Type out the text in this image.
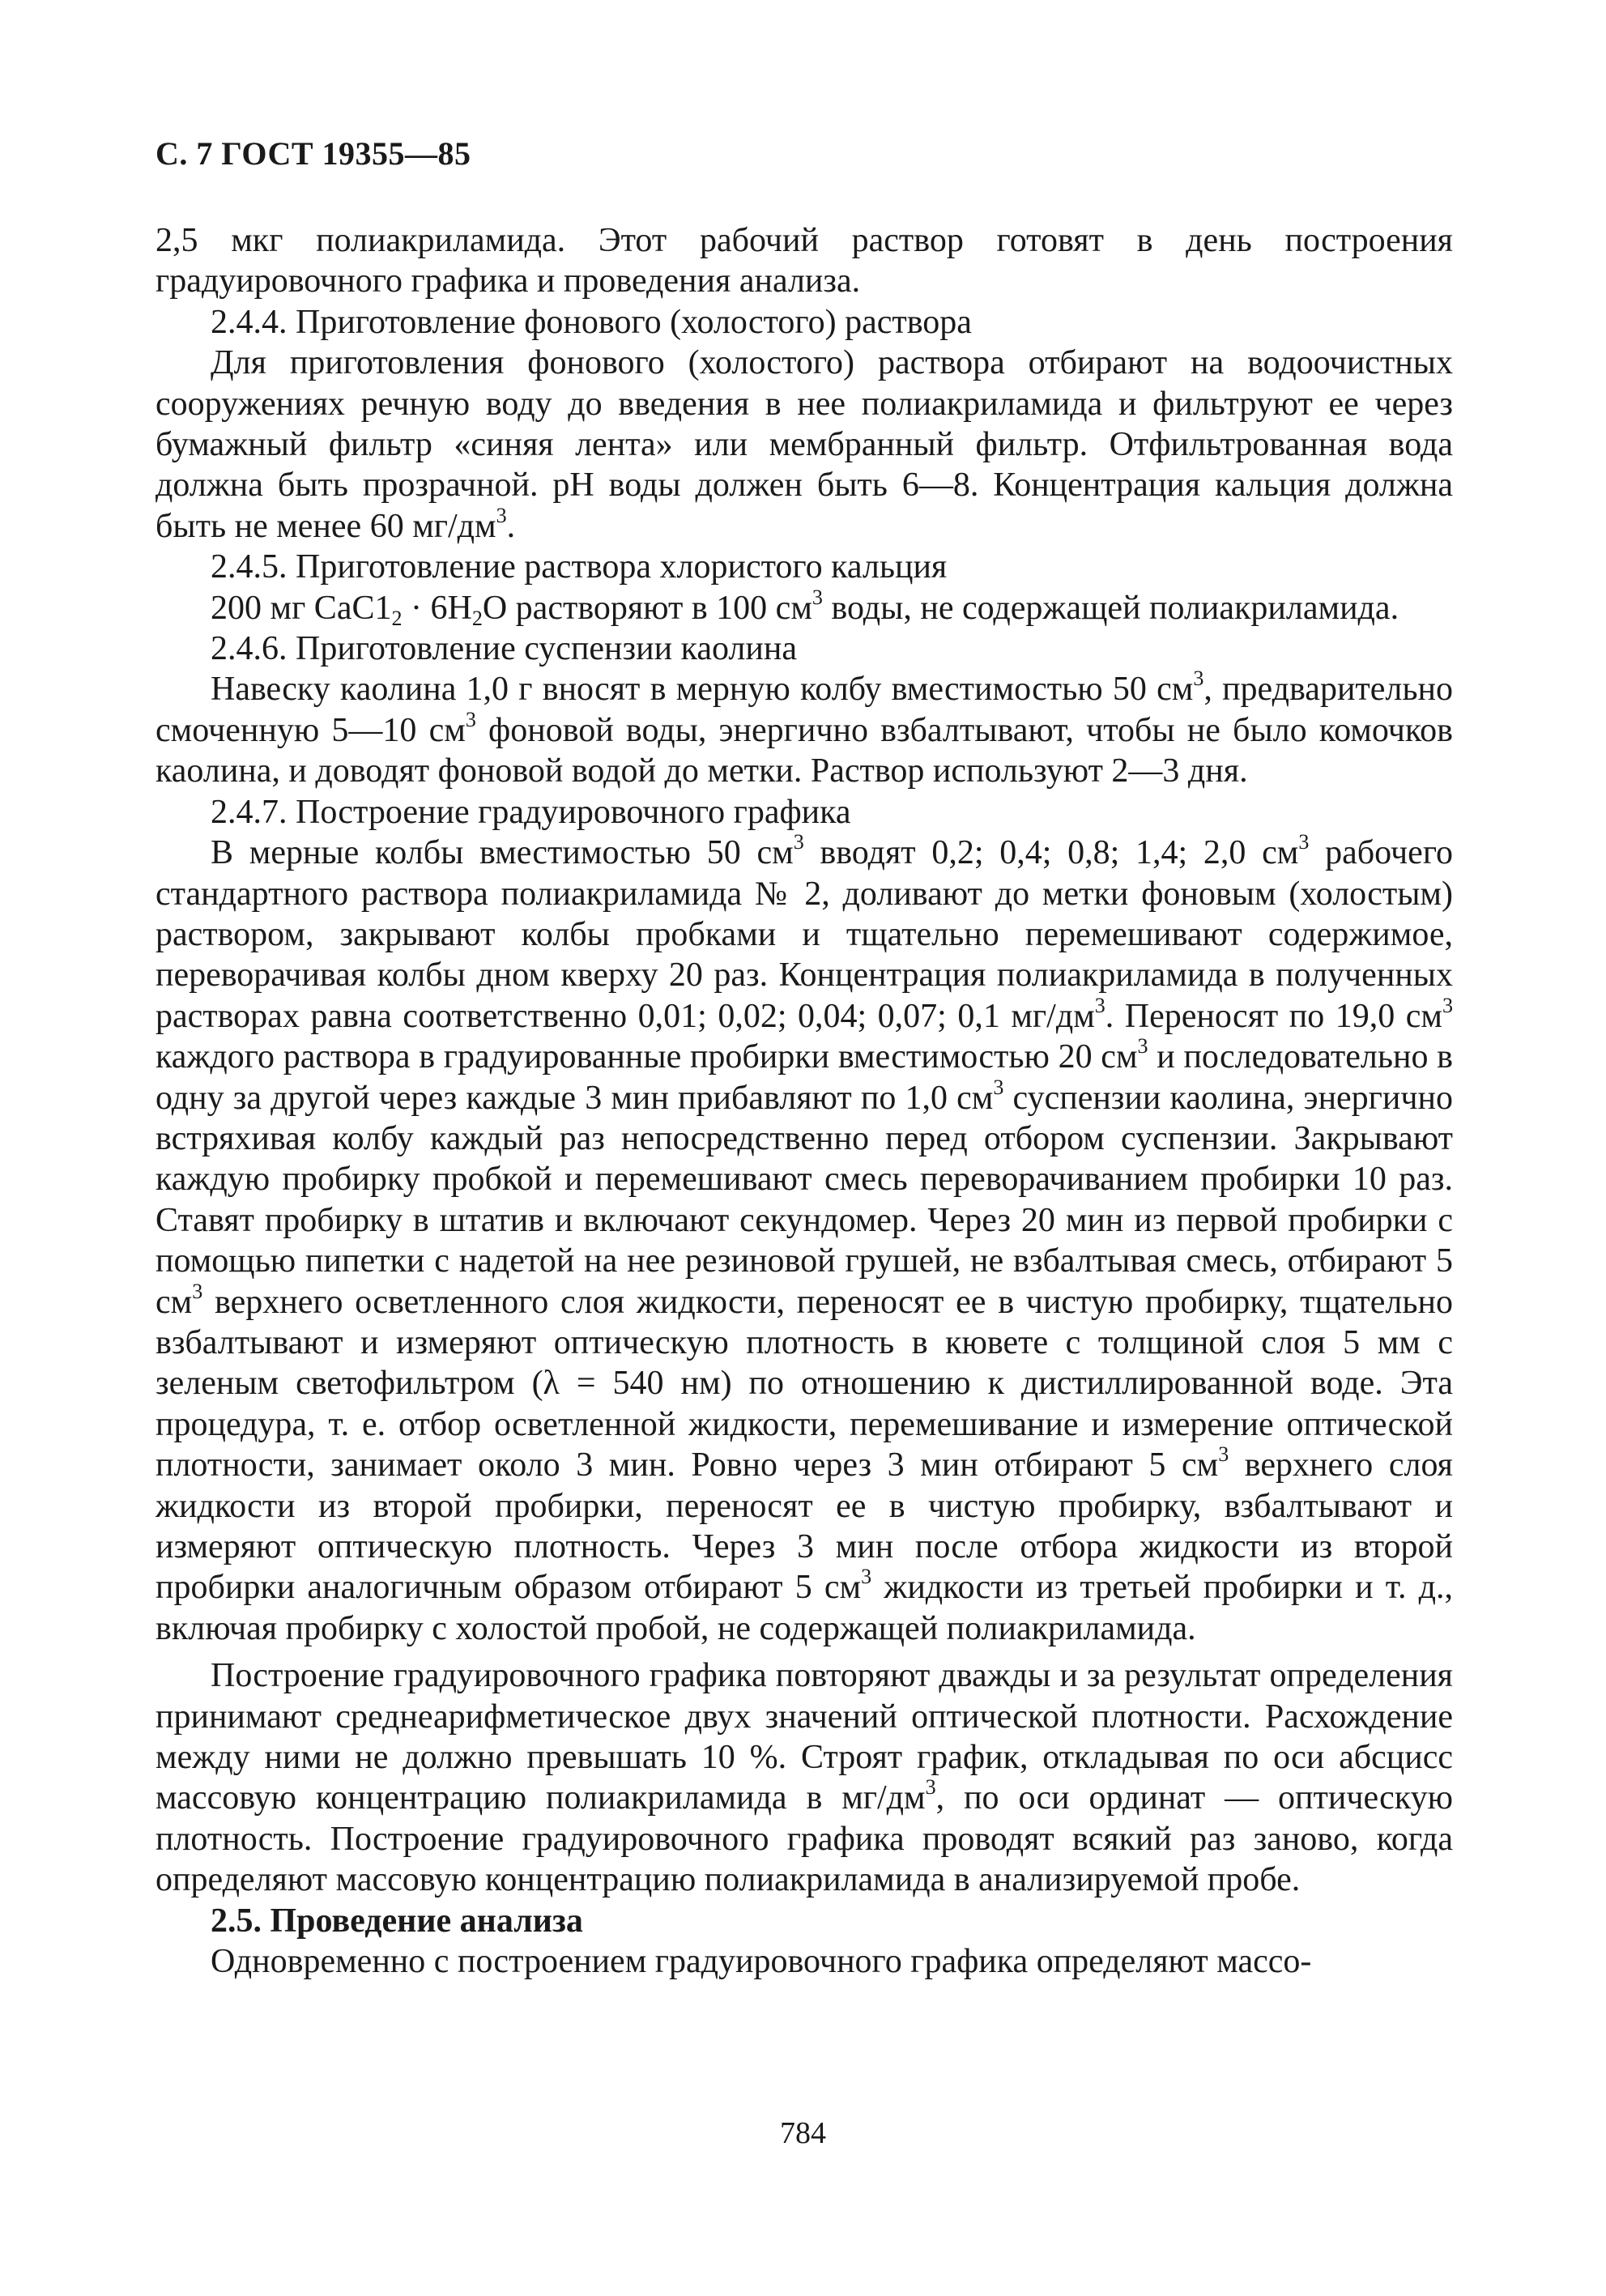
С. 7 ГОСТ 19355—85

2,5 мкг полиакриламида. Этот рабочий раствор готовят в день построения градуировочного графика и проведения анализа.

2.4.4. Приготовление фонового (холостого) раствора

Для приготовления фонового (холостого) раствора отбирают на водоочистных сооружениях речную воду до введения в нее полиакриламида и фильтруют ее через бумажный фильтр «синяя лента» или мембранный фильтр. Отфильтрованная вода должна быть прозрачной. рН воды должен быть 6—8. Концентрация кальция должна быть не менее 60 $мг/дм^3$.

2.4.5. Приготовление раствора хлористого кальция

200 мг $CaC1_2 \cdot 6H_2O$ растворяют в 100 $см^3$ воды, не содержащей полиакриламида.

2.4.6. Приготовление суспензии каолина

Навеску каолина 1,0 г вносят в мерную колбу вместимостью 50 $см^3$, предварительно смоченную 5—10 $см^3$ фоновой воды, энергично взбалтывают, чтобы не было комочков каолина, и доводят фоновой водой до метки. Раствор используют 2—3 дня.

2.4.7. Построение градуировочного графика

В мерные колбы вместимостью 50 $см^3$ вводят 0,2; 0,4; 0,8; 1,4; 2,0 $см^3$ рабочего стандартного раствора полиакриламида № 2, доливают до метки фоновым (холостым) раствором, закрывают колбы пробками и тщательно перемешивают содержимое, переворачивая колбы дном кверху 20 раз. Концентрация полиакриламида в полученных растворах равна соответственно 0,01; 0,02; 0,04; 0,07; 0,1 $мг/дм^3$. Переносят по 19,0 $см^3$ каждого раствора в градуированные пробирки вместимостью 20 $см^3$ и последовательно в одну за другой через каждые 3 мин прибавляют по 1,0 $см^3$ суспензии каолина, энергично встряхивая колбу каждый раз непосредственно перед отбором суспензии. Закрывают каждую пробирку пробкой и перемешивают смесь переворачиванием пробирки 10 раз. Ставят пробирку в штатив и включают секундомер. Через 20 мин из первой пробирки с помощью пипетки с надетой на нее резиновой грушей, не взбалтывая смесь, отбирают 5 $см^3$ верхнего осветленного слоя жидкости, переносят ее в чистую пробирку, тщательно взбалтывают и измеряют оптическую плотность в кювете с толщиной слоя 5 мм с зеленым светофильтром (λ = 540 нм) по отношению к дистиллированной воде. Эта процедура, т. е. отбор осветленной жидкости, перемешивание и измерение оптической плотности, занимает около 3 мин. Ровно через 3 мин отбирают 5 $см^3$ верхнего слоя жидкости из второй пробирки, переносят ее в чистую пробирку, взбалтывают и измеряют оптическую плотность. Через 3 мин после отбора жидкости из второй пробирки аналогичным образом отбирают 5 $см^3$ жидкости из третьей пробирки и т. д., включая пробирку с холостой пробой, не содержащей полиакриламида.

Построение градуировочного графика повторяют дважды и за результат определения принимают среднеарифметическое двух значений оптической плотности. Расхождение между ними не должно превышать 10 %. Строят график, откладывая по оси абсцисс массовую концентрацию полиакриламида в $мг/дм^3$, по оси ординат — оптическую плотность. Построение градуировочного графика проводят всякий раз заново, когда определяют массовую концентрацию полиакриламида в анализируемой пробе.

2.5. Проведение анализа

Одновременно с построением градуировочного графика определяют массо-

784
